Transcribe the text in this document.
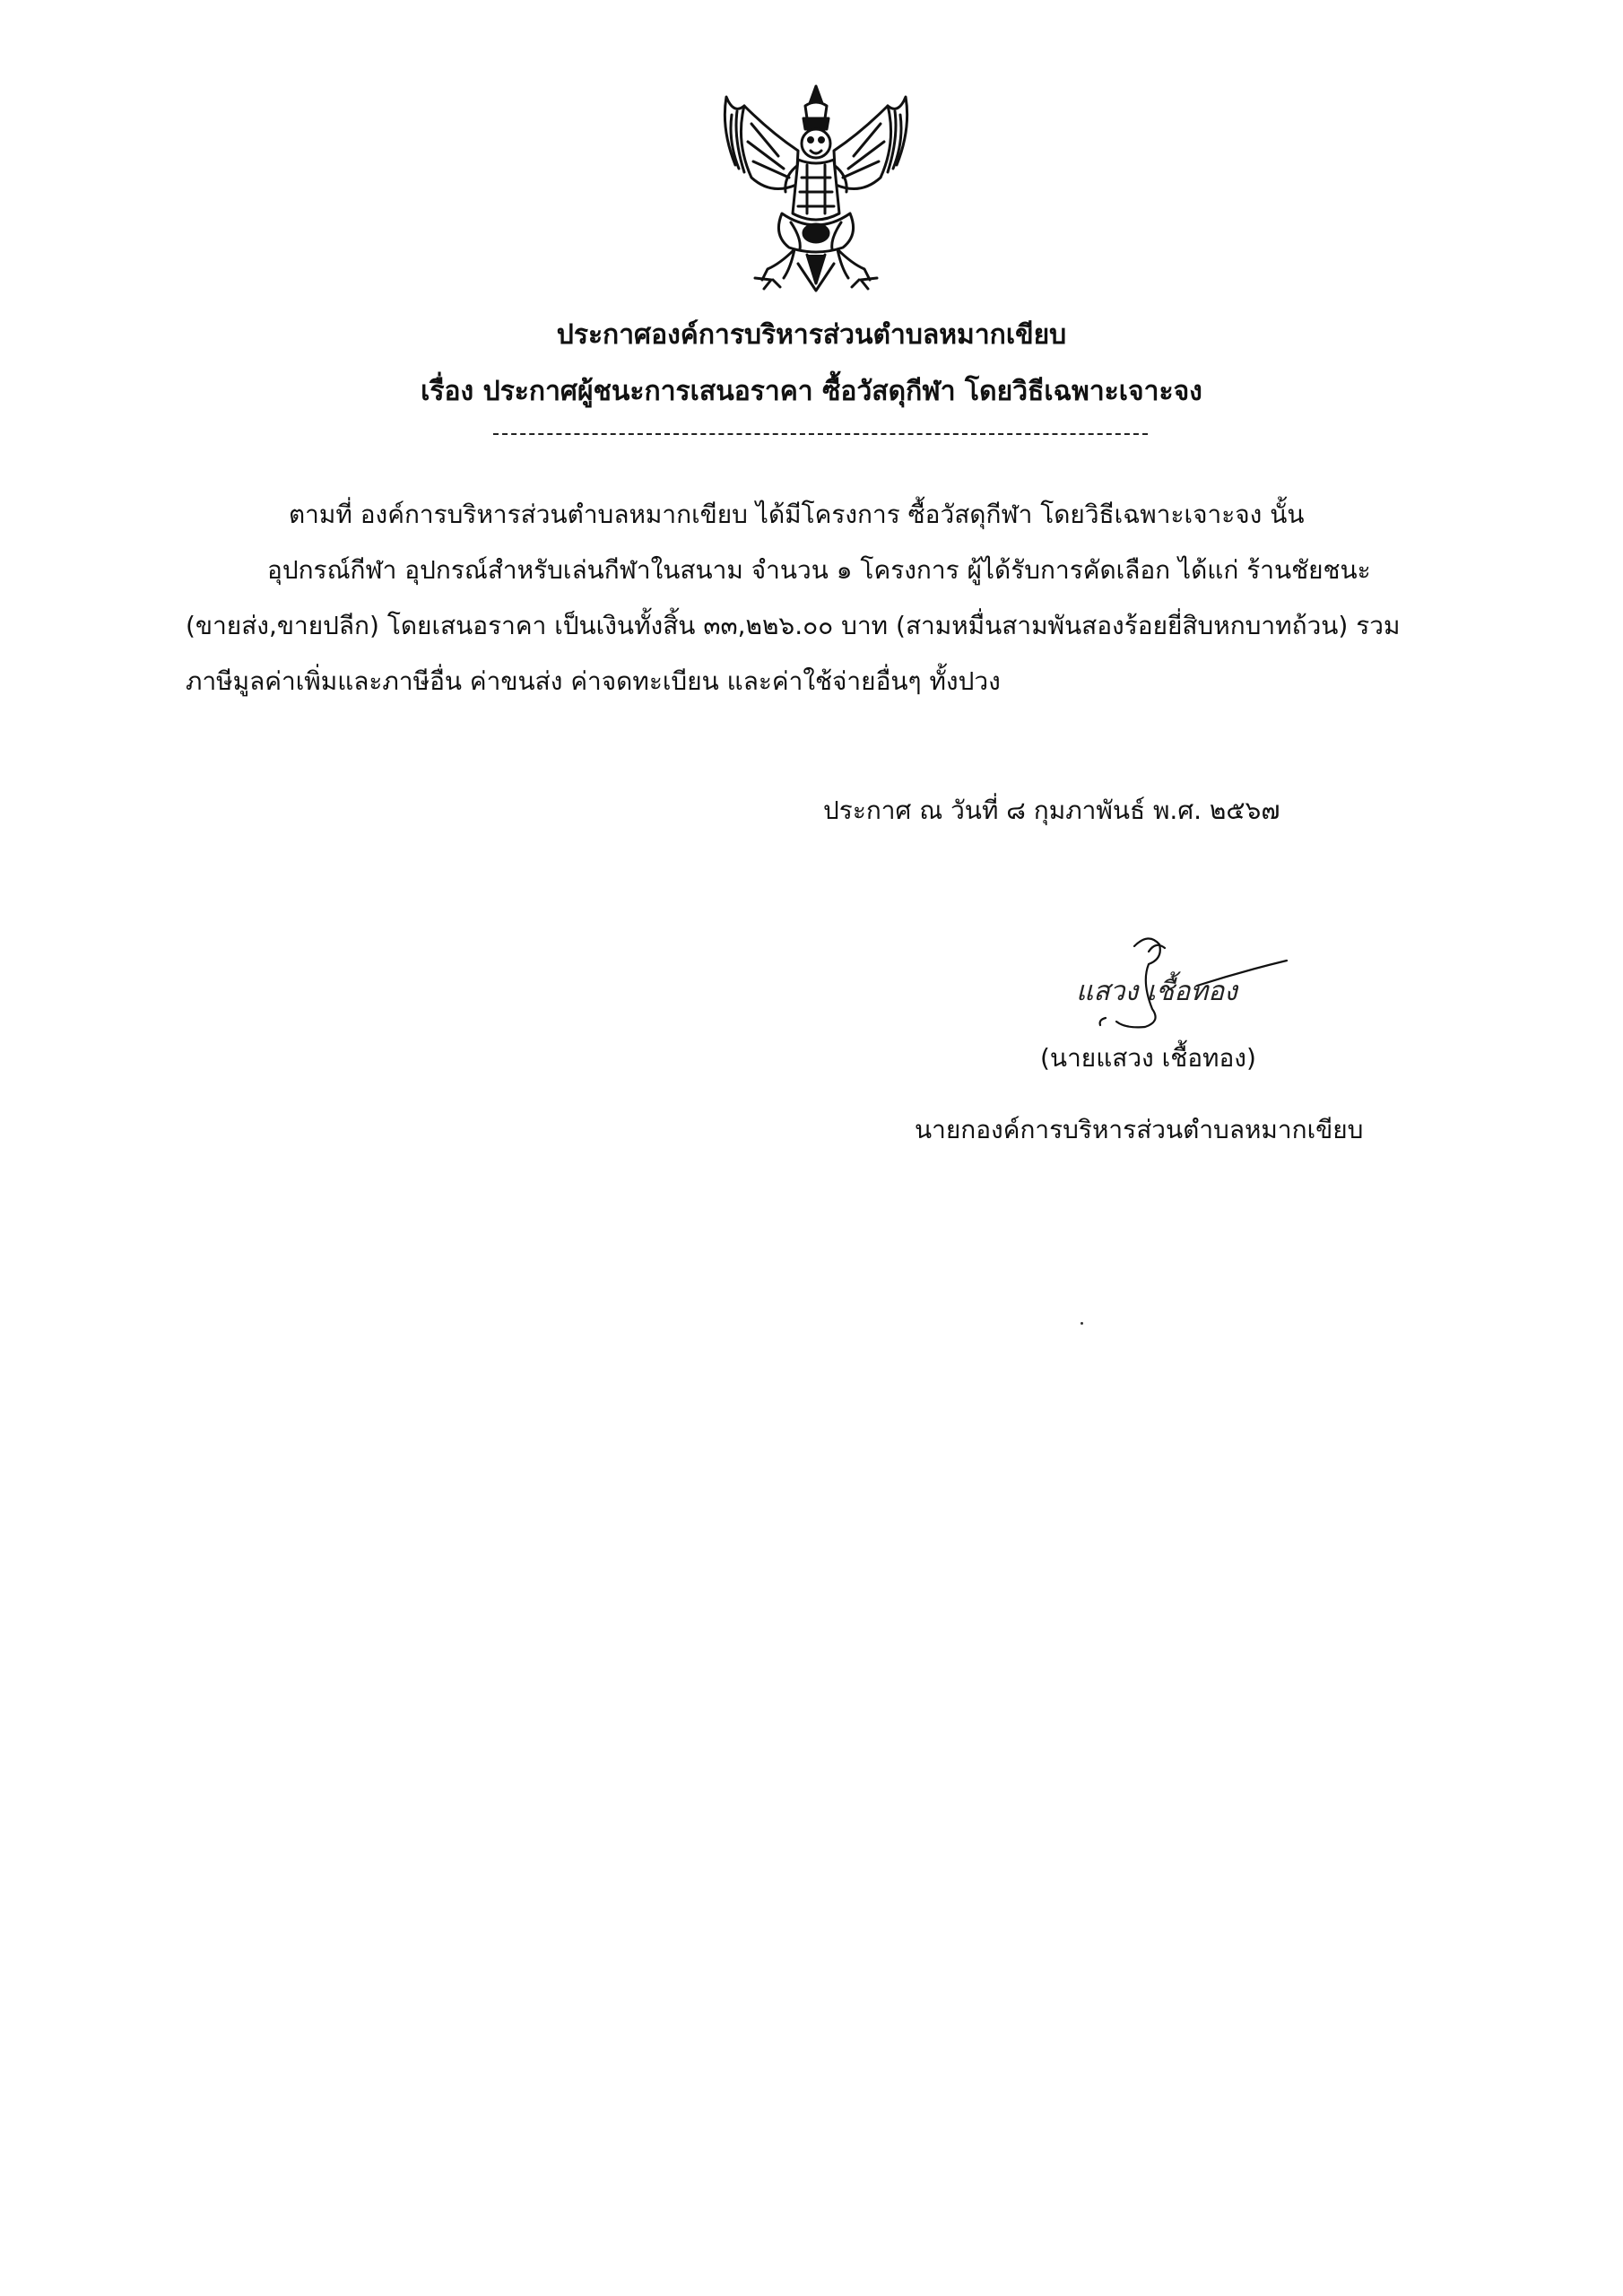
ประกาศองค์การบริหารส่วนตำบลหมากเขียบ
เรื่อง ประกาศผู้ชนะการเสนอราคา ซื้อวัสดุกีฬา โดยวิธีเฉพาะเจาะจง
ตามที่ องค์การบริหารส่วนตำบลหมากเขียบ ได้มีโครงการ ซื้อวัสดุกีฬา โดยวิธีเฉพาะเจาะจง นั้น
อุปกรณ์กีฬา อุปกรณ์สำหรับเล่นกีฬาในสนาม จำนวน ๑ โครงการ ผู้ได้รับการคัดเลือก ได้แก่ ร้านชัยชนะ
(ขายส่ง,ขายปลีก) โดยเสนอราคา เป็นเงินทั้งสิ้น ๓๓,๒๒๖.๐๐ บาท (สามหมื่นสามพันสองร้อยยี่สิบหกบาทถ้วน) รวม
ภาษีมูลค่าเพิ่มและภาษีอื่น ค่าขนส่ง ค่าจดทะเบียน และค่าใช้จ่ายอื่นๆ ทั้งปวง
ประกาศ ณ วันที่ ๘ กุมภาพันธ์ พ.ศ. ๒๕๖๗
แสวง เชื้อทอง
(นายแสวง เชื้อทอง)
นายกองค์การบริหารส่วนตำบลหมากเขียบ
